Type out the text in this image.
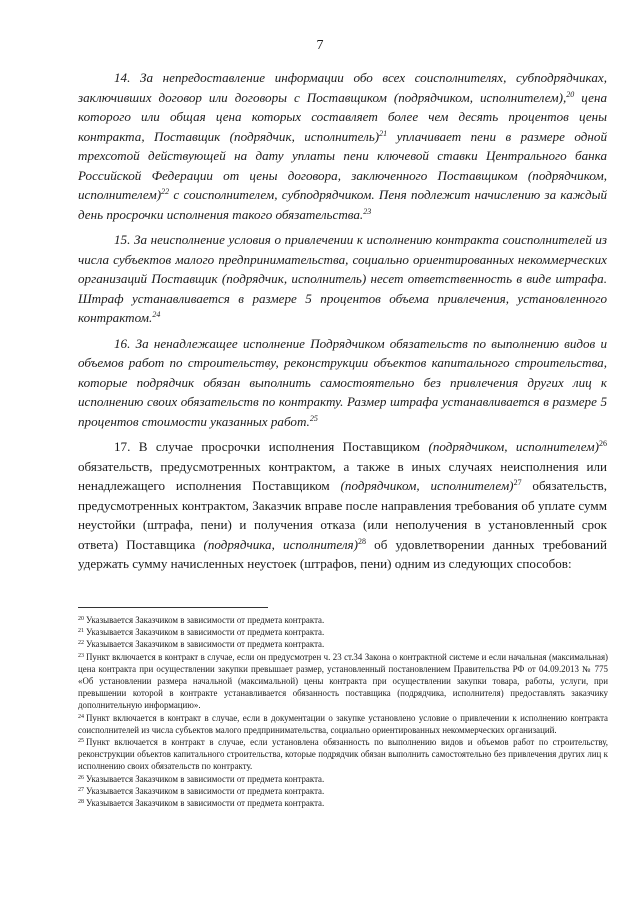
7

14. За непредоставление информации обо всех соисполнителях, субподрядчиках, заключивших договор или договоры с Поставщиком (подрядчиком, исполнителем),$^{20}$ цена которого или общая цена которых составляет более чем десять процентов цены контракта, Поставщик (подрядчик, исполнитель)$^{21}$ уплачивает пени в размере одной трехсотой действующей на дату уплаты пени ключевой ставки Центрального банка Российской Федерации от цены договора, заключенного Поставщиком (подрядчиком, исполнителем)$^{22}$ с соисполнителем, субподрядчиком. Пеня подлежит начислению за каждый день просрочки исполнения такого обязательства.$^{23}$

15. За неисполнение условия о привлечении к исполнению контракта соисполнителей из числа субъектов малого предпринимательства, социально ориентированных некоммерческих организаций Поставщик (подрядчик, исполнитель) несет ответственность в виде штрафа. Штраф устанавливается в размере 5 процентов объема привлечения, установленного контрактом.$^{24}$

16. За ненадлежащее исполнение Подрядчиком обязательств по выполнению видов и объемов работ по строительству, реконструкции объектов капитального строительства, которые подрядчик обязан выполнить самостоятельно без привлечения других лиц к исполнению своих обязательств по контракту. Размер штрафа устанавливается в размере 5 процентов стоимости указанных работ.$^{25}$

17. В случае просрочки исполнения Поставщиком (подрядчиком, исполнителем)$^{26}$ обязательств, предусмотренных контрактом, а также в иных случаях неисполнения или ненадлежащего исполнения Поставщиком (подрядчиком, исполнителем)$^{27}$ обязательств, предусмотренных контрактом, Заказчик вправе после направления требования об уплате сумм неустойки (штрафа, пени) и получения отказа (или неполучения в установленный срок ответа) Поставщика (подрядчика, исполнителя)$^{28}$ об удовлетворении данных требований удержать сумму начисленных неустоек (штрафов, пени) одним из следующих способов:

$^{20}$ Указывается Заказчиком в зависимости от предмета контракта.

$^{21}$ Указывается Заказчиком в зависимости от предмета контракта.

$^{22}$ Указывается Заказчиком в зависимости от предмета контракта.

$^{23}$ Пункт включается в контракт в случае, если он предусмотрен ч. 23 ст.34 Закона о контрактной системе и если начальная (максимальная) цена контракта при осуществлении закупки превышает размер, установленный постановлением Правительства РФ от 04.09.2013 № 775 «Об установлении размера начальной (максимальной) цены контракта при осуществлении закупки товара, работы, услуги, при превышении которой в контракте устанавливается обязанность поставщика (подрядчика, исполнителя) предоставлять заказчику дополнительную информацию».

$^{24}$ Пункт включается в контракт в случае, если в документации о закупке установлено условие о привлечении к исполнению контракта соисполнителей из числа субъектов малого предпринимательства, социально ориентированных некоммерческих организаций.

$^{25}$ Пункт включается в контракт в случае, если установлена обязанность по выполнению видов и объемов работ по строительству, реконструкции объектов капитального строительства, которые подрядчик обязан выполнить самостоятельно без привлечения других лиц к исполнению своих обязательств по контракту.

$^{26}$ Указывается Заказчиком в зависимости от предмета контракта.

$^{27}$ Указывается Заказчиком в зависимости от предмета контракта.

$^{28}$ Указывается Заказчиком в зависимости от предмета контракта.
